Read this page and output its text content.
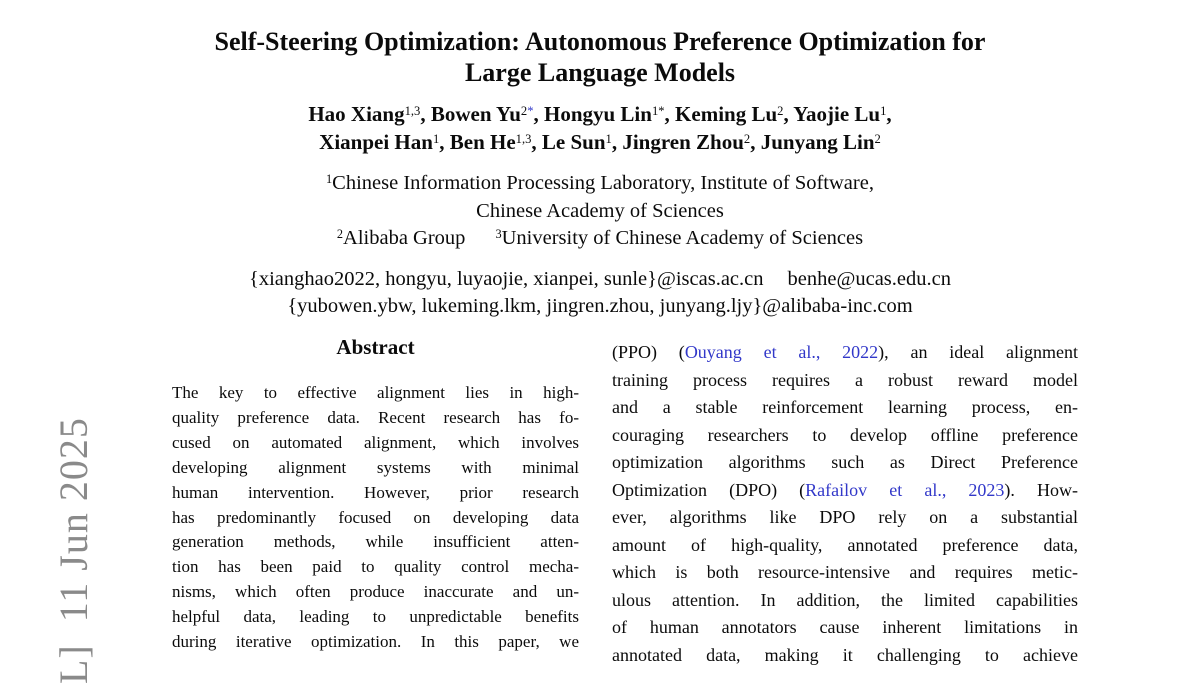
L]  11 Jun 2025
Self-Steering Optimization: Autonomous Preference Optimization for
Large Language Models
Hao Xiang$^{1,3}$, Bowen $Yu^{2*}$, Hongyu Lin$^{1*}$, Keming Lu$^2$, Yaojie Lu$^1$,
Xianpei Han$^1$, Ben He$^{1,3}$, Le Sun$^1$, Jingren Zhou$^2$, Junyang Lin$^2$
$^1$Chinese Information Processing Laboratory, Institute of Software,
Chinese Academy of Sciences
$^2$Alibaba Group $^3$University of Chinese Academy of Sciences
{xianghao2022, hongyu, luyaojie, xianpei, sunle}@iscas.ac.cn benhe@ucas.edu.cn
{yubowen.ybw, lukeming.lkm, jingren.zhou, junyang.ljy}@alibaba-inc.com
Abstract
The key to effective alignment lies in high-
quality preference data. Recent research has fo-
cused on automated alignment, which involves
developing alignment systems with minimal
human intervention. However, prior research
has predominantly focused on developing data
generation methods, while insufficient atten-
tion has been paid to quality control mecha-
nisms, which often produce inaccurate and un-
helpful data, leading to unpredictable benefits
during iterative optimization. In this paper, we
(PPO) (Ouyang et al., 2022), an ideal alignment
training process requires a robust reward model
and a stable reinforcement learning process, en-
couraging researchers to develop offline preference
optimization algorithms such as Direct Preference
Optimization (DPO) (Rafailov et al., 2023). How-
ever, algorithms like DPO rely on a substantial
amount of high-quality, annotated preference data,
which is both resource-intensive and requires metic-
ulous attention. In addition, the limited capabilities
of human annotators cause inherent limitations in
annotated data, making it challenging to achieve
